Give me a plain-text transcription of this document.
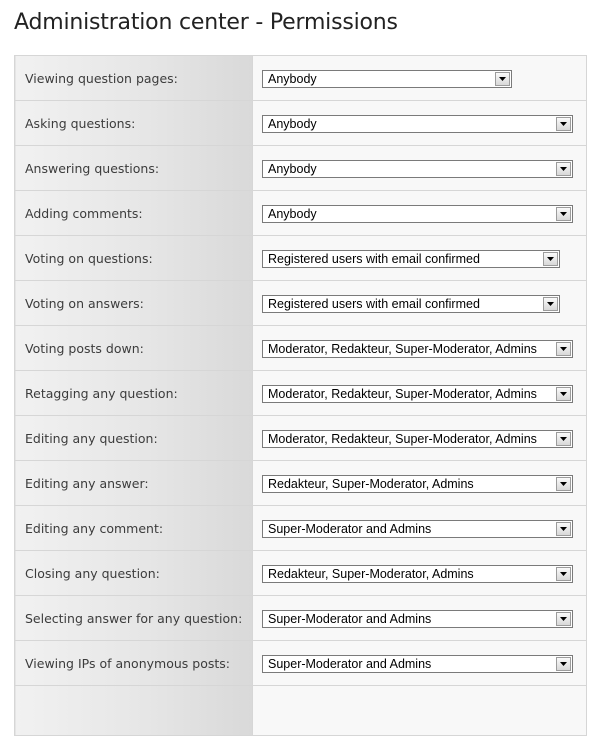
Administration center - Permissions
Viewing question pages:	Anybody

Asking questions:	Anybody

Answering questions:	Anybody

Adding comments:	Anybody

Voting on questions:	Registered users with email confirmed

Voting on answers:	Registered users with email confirmed

Voting posts down:	Moderator, Redakteur, Super-Moderator, Admins

Retagging any question:	Moderator, Redakteur, Super-Moderator, Admins

Editing any question:	Moderator, Redakteur, Super-Moderator, Admins

Editing any answer:	Redakteur, Super-Moderator, Admins

Editing any comment:	Super-Moderator and Admins

Closing any question:	Redakteur, Super-Moderator, Admins

Selecting answer for any question:	Super-Moderator and Admins

Viewing IPs of anonymous posts:	Super-Moderator and Admins
